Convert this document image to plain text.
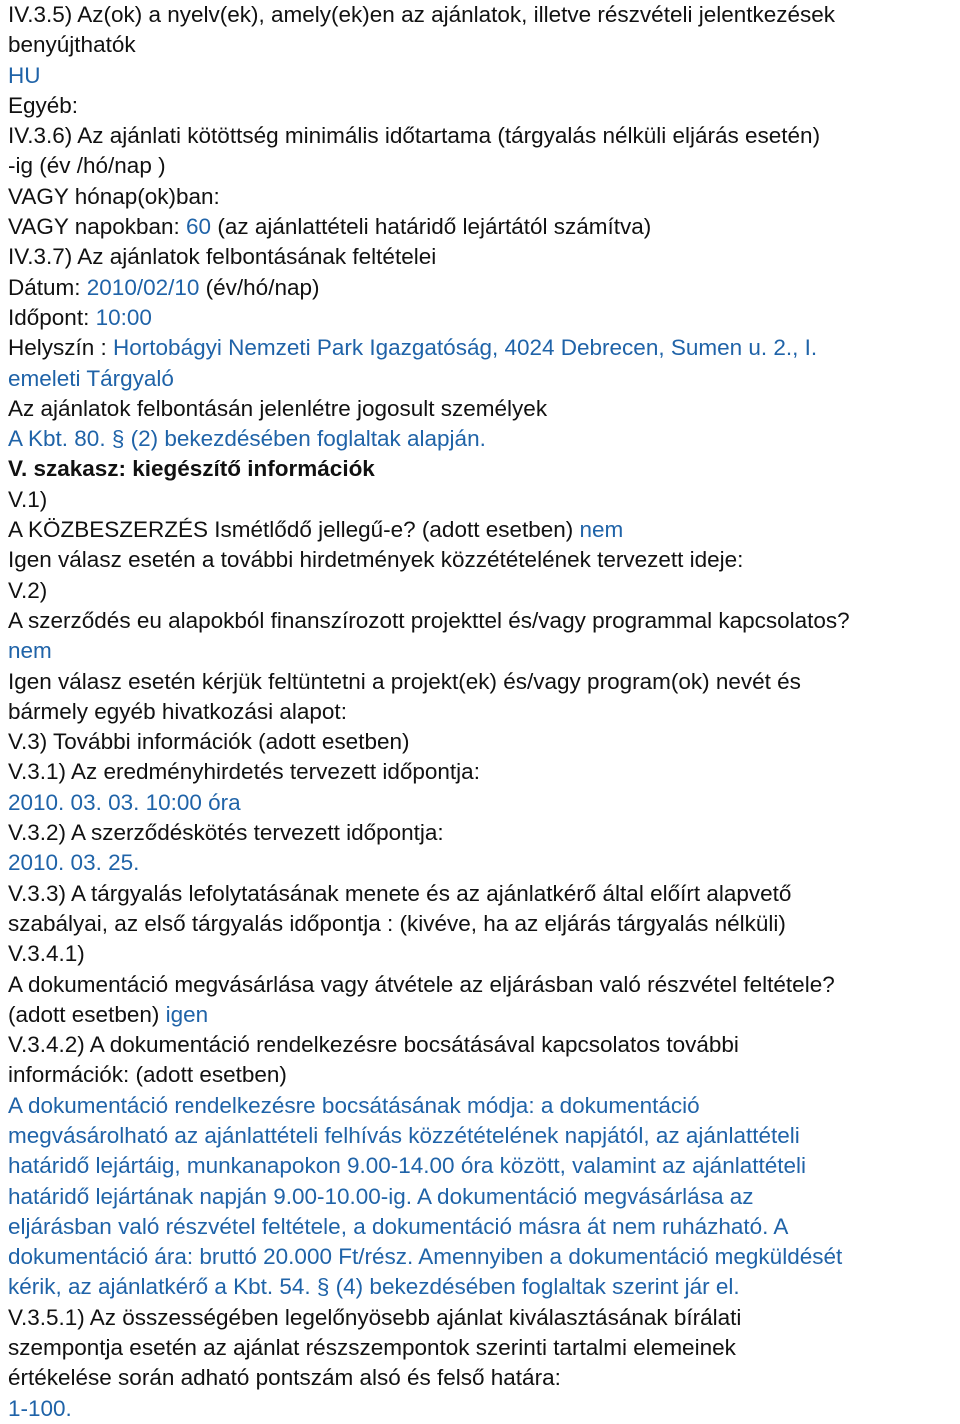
IV.3.5) Az(ok) a nyelv(ek), amely(ek)en az ajánlatok, illetve részvételi jelentkezések

benyújthatók

HU

Egyéb:

IV.3.6) Az ajánlati kötöttség minimális időtartama (tárgyalás nélküli eljárás esetén)

-ig (év /hó/nap )

VAGY hónap(ok)ban:

VAGY napokban: 60 (az ajánlattételi határidő lejártától számítva)

IV.3.7) Az ajánlatok felbontásának feltételei

Dátum: 2010/02/10 (év/hó/nap)

Időpont: 10:00

Helyszín : Hortobágyi Nemzeti Park Igazgatóság, 4024 Debrecen, Sumen u. 2., I.

emeleti Tárgyaló

Az ajánlatok felbontásán jelenlétre jogosult személyek

A Kbt. 80. § (2) bekezdésében foglaltak alapján.

V. szakasz: kiegészítő információk

V.1)

A KÖZBESZERZÉS Ismétlődő jellegű-e? (adott esetben) nem

Igen válasz esetén a további hirdetmények közzétételének tervezett ideje:

V.2)

A szerződés eu alapokból finanszírozott projekttel és/vagy programmal kapcsolatos?

nem

Igen válasz esetén kérjük feltüntetni a projekt(ek) és/vagy program(ok) nevét és

bármely egyéb hivatkozási alapot:

V.3) További információk (adott esetben)

V.3.1) Az eredményhirdetés tervezett időpontja:

2010. 03. 03. 10:00 óra

V.3.2) A szerződéskötés tervezett időpontja:

2010. 03. 25.

V.3.3) A tárgyalás lefolytatásának menete és az ajánlatkérő által előírt alapvető

szabályai, az első tárgyalás időpontja : (kivéve, ha az eljárás tárgyalás nélküli)

V.3.4.1)

A dokumentáció megvásárlása vagy átvétele az eljárásban való részvétel feltétele?

(adott esetben) igen

V.3.4.2) A dokumentáció rendelkezésre bocsátásával kapcsolatos további

információk: (adott esetben)

A dokumentáció rendelkezésre bocsátásának módja: a dokumentáció

megvásárolható az ajánlattételi felhívás közzétételének napjától, az ajánlattételi

határidő lejártáig, munkanapokon 9.00-14.00 óra között, valamint az ajánlattételi

határidő lejártának napján 9.00-10.00-ig. A dokumentáció megvásárlása az

eljárásban való részvétel feltétele, a dokumentáció másra át nem ruházható. A

dokumentáció ára: bruttó 20.000 Ft/rész. Amennyiben a dokumentáció megküldését

kérik, az ajánlatkérő a Kbt. 54. § (4) bekezdésében foglaltak szerint jár el.

V.3.5.1) Az összességében legelőnyösebb ajánlat kiválasztásának bírálati

szempontja esetén az ajánlat részszempontok szerinti tartalmi elemeinek

értékelése során adható pontszám alsó és felső határa:

1-100.
